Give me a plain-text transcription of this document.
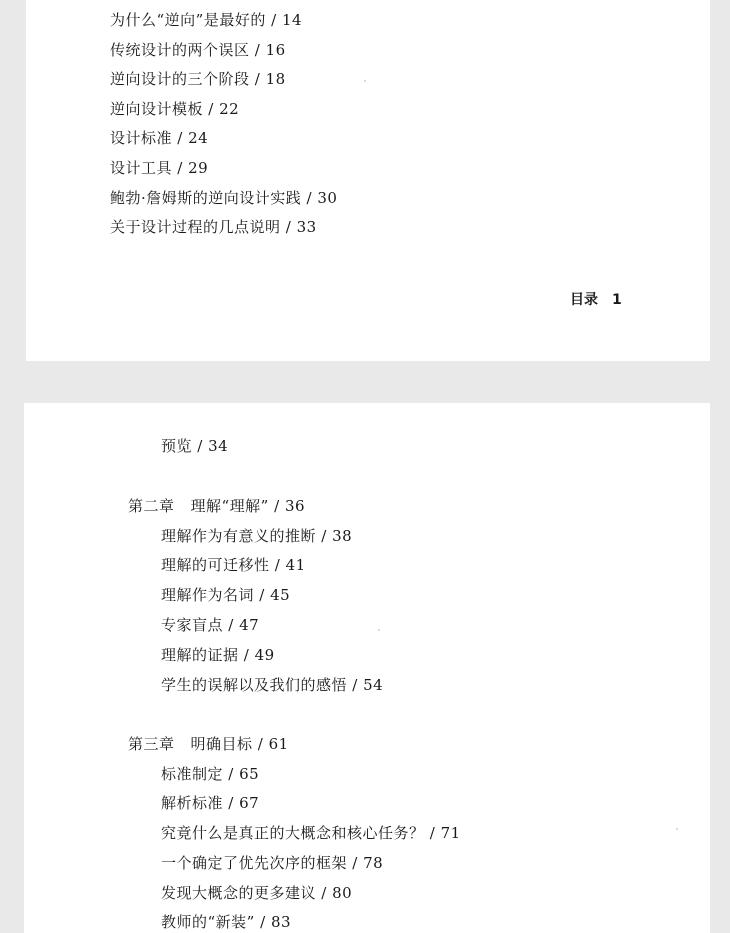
为什么“逆向”是最好的 / 14
传统设计的两个误区 / 16
逆向设计的三个阶段 / 18
逆向设计模板 / 22
设计标准 / 24
设计工具 / 29
鲍勃·詹姆斯的逆向设计实践 / 30
关于设计过程的几点说明 / 33
目录 1
预览 / 34
第二章 理解“理解” / 36
理解作为有意义的推断 / 38
理解的可迁移性 / 41
理解作为名词 / 45
专家盲点 / 47
理解的证据 / 49
学生的误解以及我们的感悟 / 54
第三章 明确目标 / 61
标准制定 / 65
解析标准 / 67
究竟什么是真正的大概念和核心任务？ / 71
一个确定了优先次序的框架 / 78
发现大概念的更多建议 / 80
教师的“新装” / 83
